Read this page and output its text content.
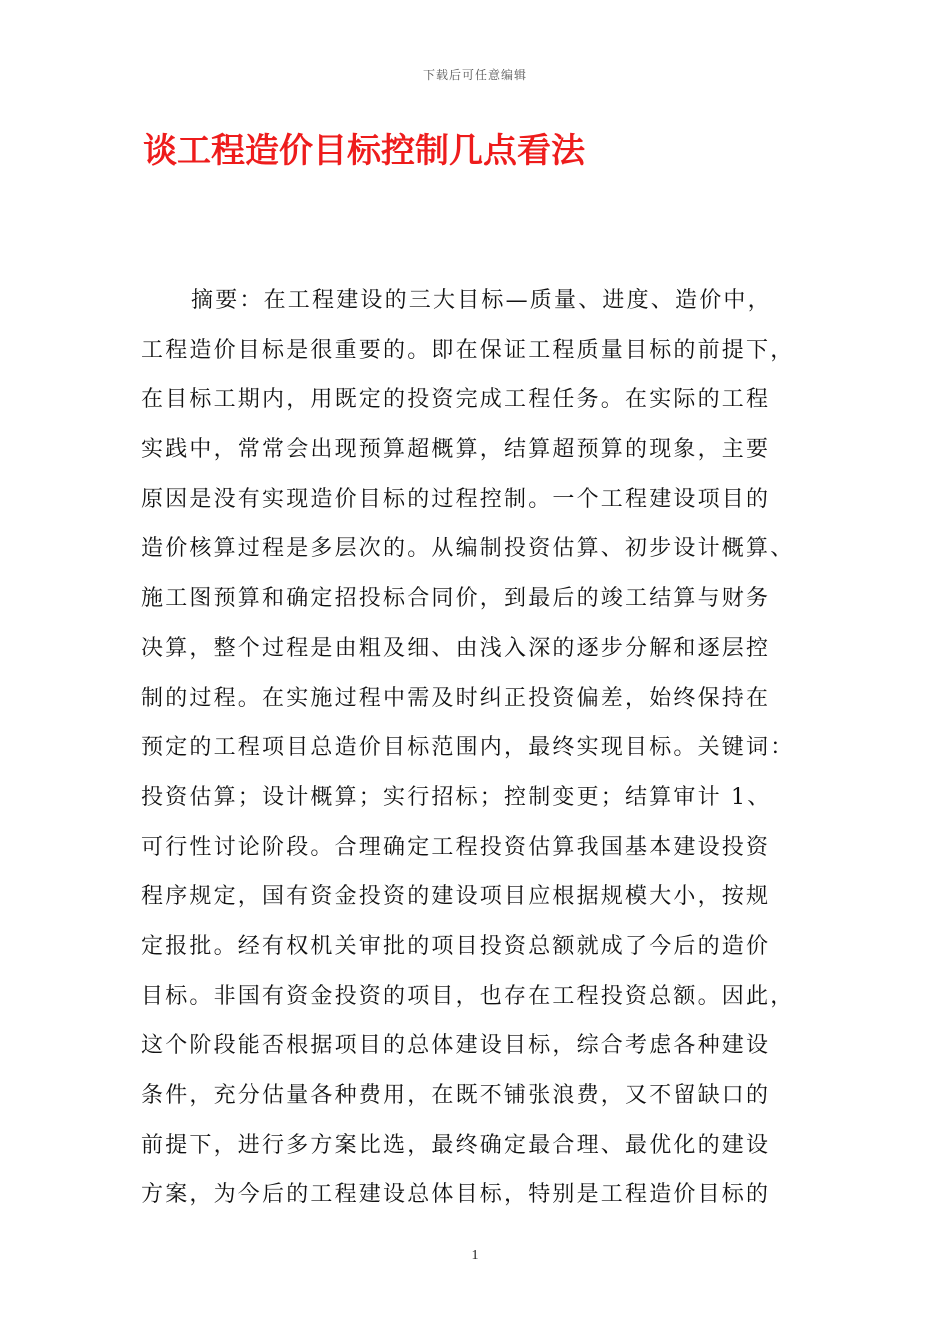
下载后可任意编辑
谈工程造价目标控制几点看法
摘要：在工程建设的三大目标—质量、进度、造价中，
工程造价目标是很重要的。即在保证工程质量目标的前提下，
在目标工期内，用既定的投资完成工程任务。在实际的工程
实践中，常常会出现预算超概算，结算超预算的现象，主要
原因是没有实现造价目标的过程控制。一个工程建设项目的
造价核算过程是多层次的。从编制投资估算、初步设计概算、
施工图预算和确定招投标合同价，到最后的竣工结算与财务
决算，整个过程是由粗及细、由浅入深的逐步分解和逐层控
制的过程。在实施过程中需及时纠正投资偏差，始终保持在
预定的工程项目总造价目标范围内，最终实现目标。关键词：
投资估算；设计概算；实行招标；控制变更；结算审计 1、
可行性讨论阶段。合理确定工程投资估算我国基本建设投资
程序规定，国有资金投资的建设项目应根据规模大小，按规
定报批。经有权机关审批的项目投资总额就成了今后的造价
目标。非国有资金投资的项目，也存在工程投资总额。因此，
这个阶段能否根据项目的总体建设目标，综合考虑各种建设
条件，充分估量各种费用，在既不铺张浪费，又不留缺口的
前提下，进行多方案比选，最终确定最合理、最优化的建设
方案，为今后的工程建设总体目标，特别是工程造价目标的
1
